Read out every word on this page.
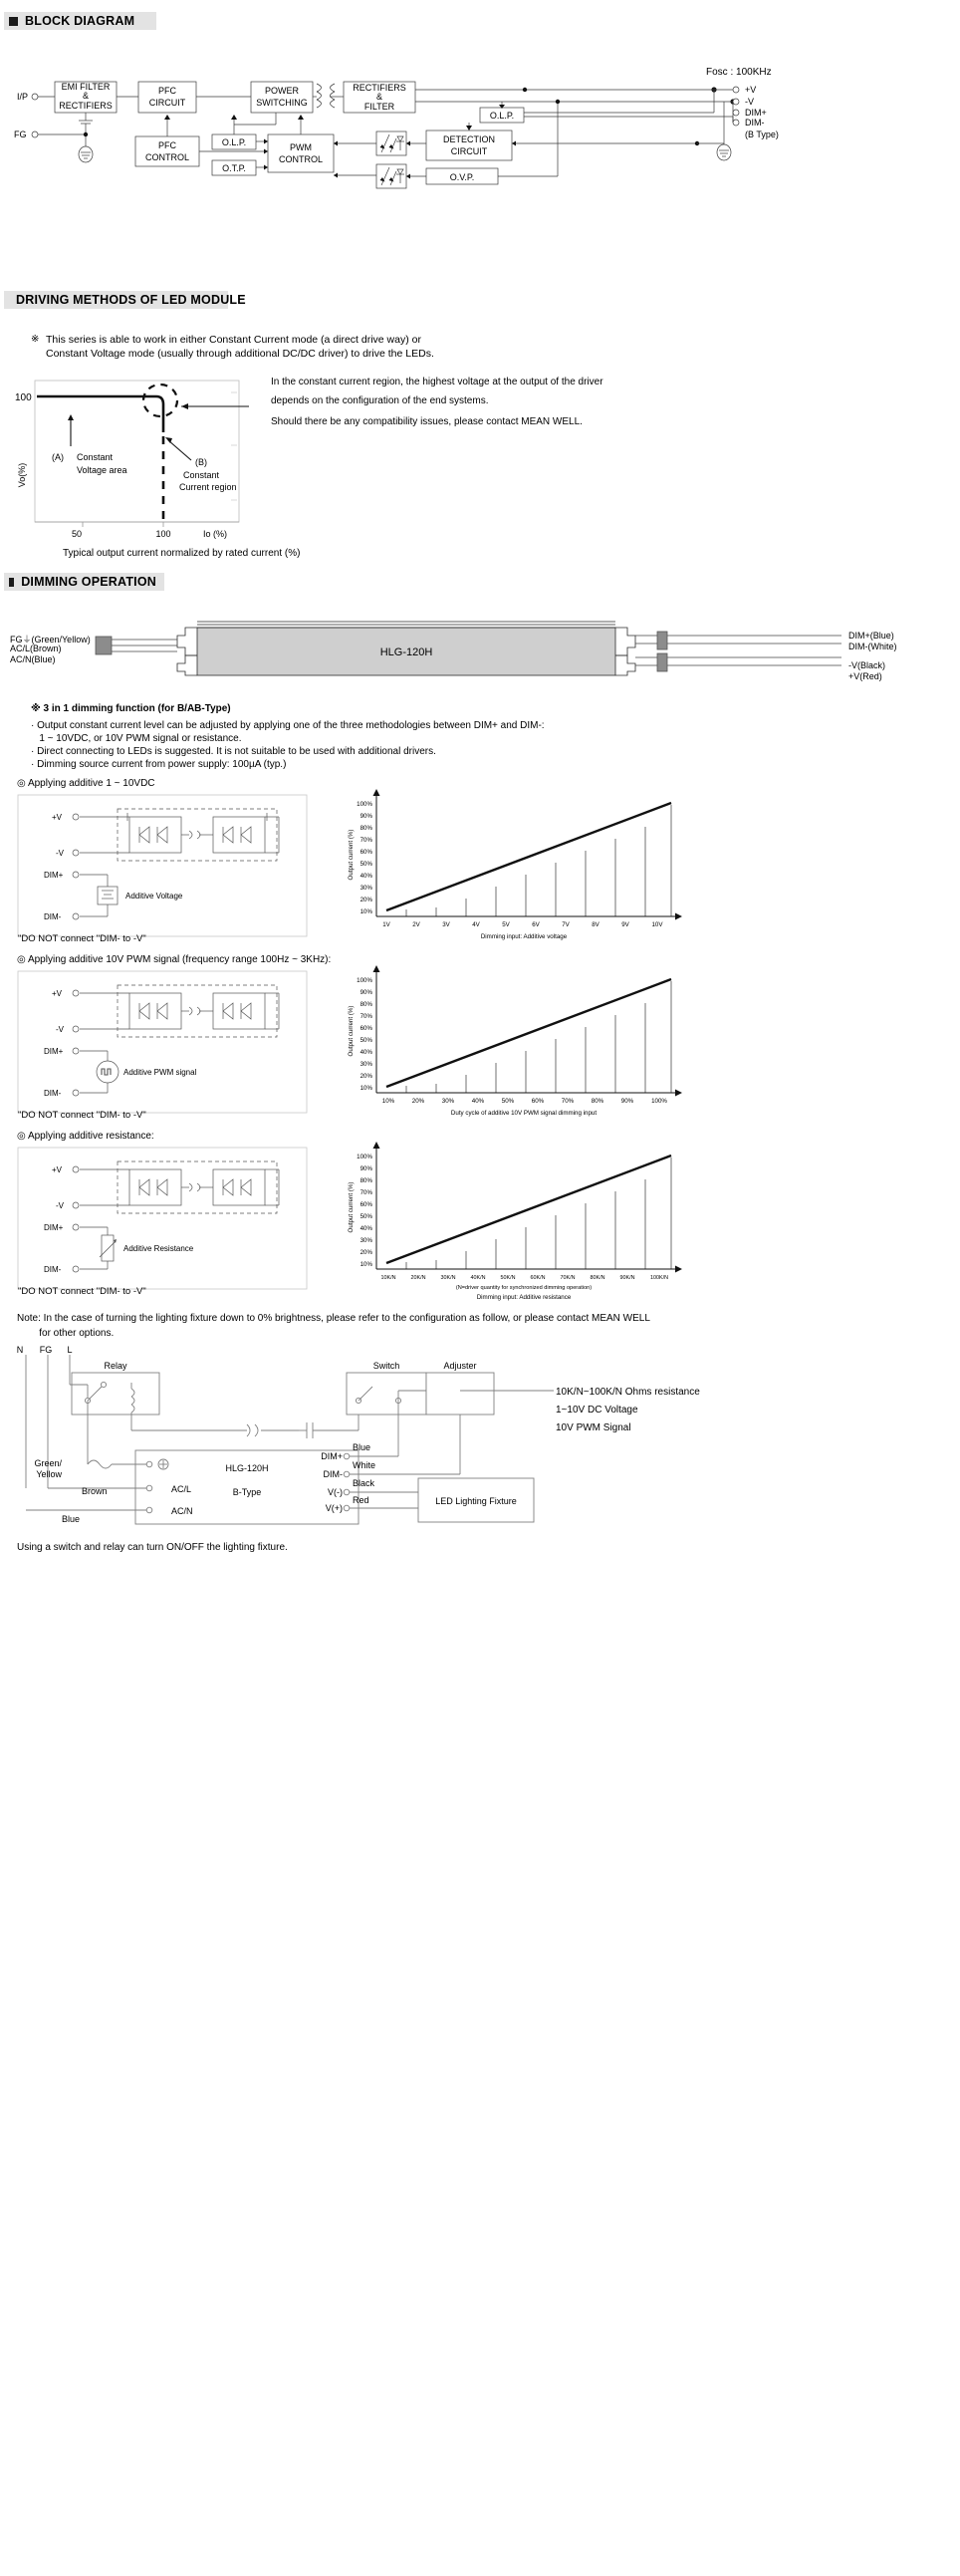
BLOCK DIAGRAM
Fosc : 100KHz
EMI FILTER
&
RECTIFIERS
PFC
CIRCUIT
POWER
SWITCHING
RECTIFIERS
&
FILTER
O.L.P.
PFC
CONTROL
O.L.P.
O.T.P.
PWM
CONTROL
DETECTION
CIRCUIT
O.V.P.
I/P
FG
+V
-V
DIM+
DIM-
(B Type)
DRIVING METHODS OF LED MODULE
※ This series is able to work in either Constant Current mode (a direct drive way) or
Constant Voltage mode (usually through additional DC/DC driver) to drive the LEDs.
In the constant current region, the highest voltage at the output of the driver
depends on the configuration of the end systems.
Should there be any compatibility issues, please contact MEAN WELL.
100
50	100	Io (%)
Vo(%)
(A) Constant
Voltage area
(B)
Constant
Current region
Typical output current normalized by rated current (%)
DIMMING OPERATION
HLG-120H
FG⏚(Green/Yellow)
AC/L(Brown)
AC/N(Blue)
DIM+(Blue)
DIM-(White)
-V(Black)
+V(Red)
※ 3 in 1 dimming function (for B/AB-Type)
· Output constant current level can be adjusted by applying one of the three methodologies between DIM+ and DIM-:
1 ~ 10VDC, or 10V PWM signal or resistance.
· Direct connecting to LEDs is suggested. It is not suitable to be used with additional drivers.
· Dimming source current from power supply: 100µA (typ.)
◎ Applying additive 1 ~ 10VDC
+V
-V
DIM+
DIM-
Additive Voltage
.
"DO NOT connect "DIM- to -V"
100%
90%
80%
70%
60%
50%
40%
30%
20%
10%
1V	2V	3V	4V	5V	6V	7V	8V	9V	10V
Output current (%)
Dimming input: Additive voltage
◎ Applying additive 10V PWM signal (frequency range 100Hz ~ 3KHz):
+V
-V
DIM+
DIM-
Additive PWM signal
"DO NOT connect "DIM- to -V"
100%
90%
80%
70%
60%
50%
40%
30%
20%
10%
10%	20%	30%	40%	50%	60%	70%	80%	90%	100%
Output current (%)
Duty cycle of additive 10V PWM signal dimming input
◎ Applying additive resistance:
+V
-V
DIM+
DIM-
Additive Resistance
"DO NOT connect "DIM- to -V"
100%
90%
80%
70%
60%
50%
40%
30%
20%
10%
10K/N	20K/N	30K/N	40K/N	50K/N	60K/N	70K/N	80K/N	90K/N	100K/N
Output current (%)
(N=driver quantity for synchronized dimming operation)
Dimming input: Additive resistance
Note: In the case of turning the lighting fixture down to 0% brightness, please refer to the configuration as follow, or please contact MEAN WELL
for other options.
N FG L
Relay	Switch	Adjuster
10K/N~100K/N Ohms resistance
1~10V DC Voltage
10V PWM Signal
HLG-120H
B-Type
AC/L
AC/N
Green/
Yellow
Brown
Blue
DIM+
DIM-
V(-)
V(+)
Blue
White
Black
Red	LED Lighting Fixture
Using a switch and relay can turn ON/OFF the lighting fixture.
